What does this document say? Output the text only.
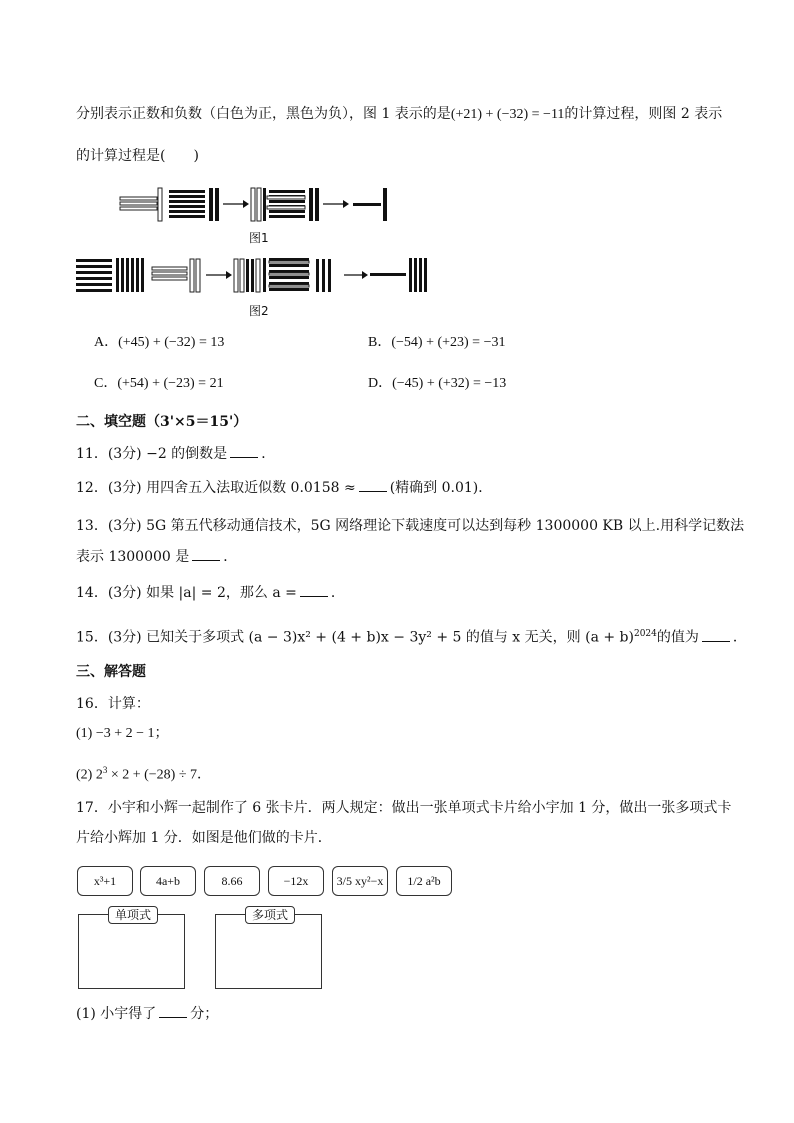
分别表示正数和负数（白色为正，黑色为负），图 1 表示的是(+21) + (−32) = −11的计算过程，则图 2 表示
的计算过程是(　　)
图1
图2
A．(+45) + (−32) = 13	B．(−54) + (+23) = −31
C．(+54) + (−23) = 21	D．(−45) + (+32) = −13
二、填空题（3'×5＝15'）
11．(3分) −2 的倒数是 ．
12．(3分) 用四舍五入法取近似数 0.0158 ≈ (精确到 0.01)．
13．(3分) 5G 第五代移动通信技术，5G 网络理论下载速度可以达到每秒 1300000 KB 以上.用科学记数法
表示 1300000 是 ．
14．(3分) 如果 |a| = 2，那么 a = ．
15．(3分) 已知关于多项式 (a − 3)x² + (4 + b)x − 3y² + 5 的值与 x 无关，则 $(a + b)^{2024}$的值为 ．
三、解答题
16．计算：
(1) −3 + 2 − 1；
(2) $2^3 \times 2 + (-28) \div 7$．
17．小宇和小辉一起制作了 6 张卡片．两人规定：做出一张单项式卡片给小宇加 1 分，做出一张多项式卡
片给小辉加 1 分．如图是他们做的卡片．
x³+1	4a+b	8.66	−12x	3/5 xy²−x	1/2 a²b
单项式	多项式
(1) 小宇得了 分；
